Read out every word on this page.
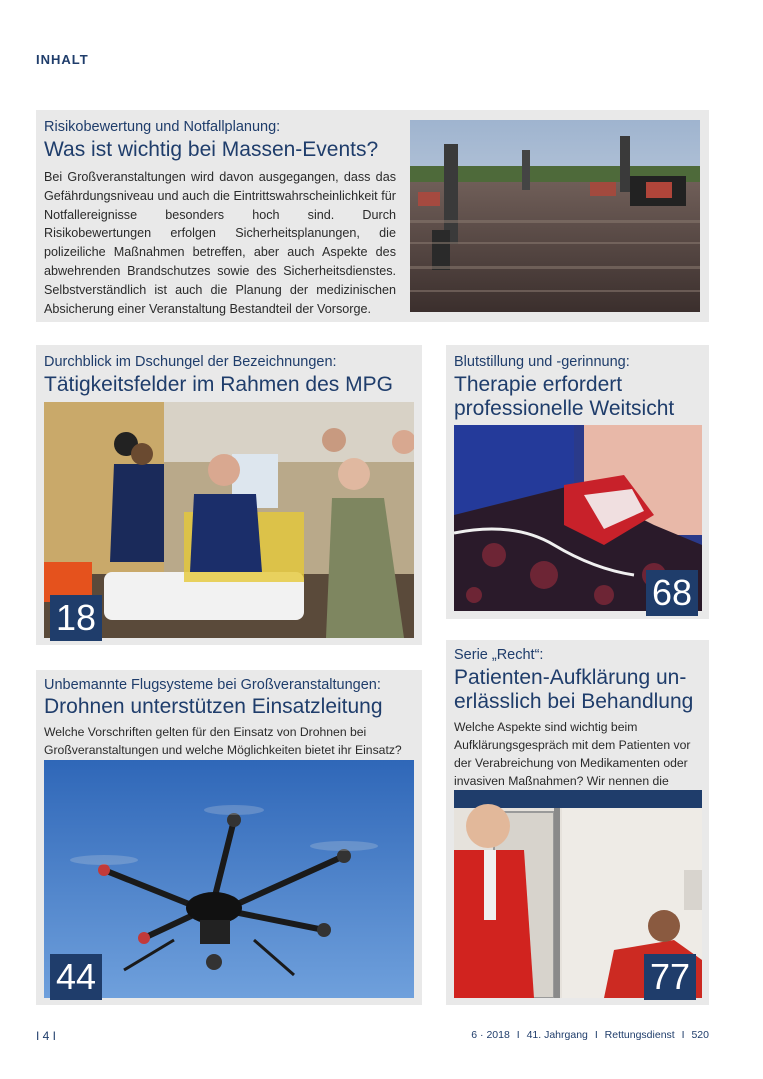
INHALT
Risikobewertung und Notfallplanung:
Was ist wichtig bei Massen-Events?
Bei Großveranstaltungen wird davon ausgegangen, dass das Gefährdungsniveau und auch die Eintrittswahrscheinlichkeit für Notfallereignisse besonders hoch sind. Durch Risikobewertungen erfolgen Sicherheitsplanungen, die polizeiliche Maßnahmen betreffen, aber auch Aspekte des abwehrenden Brandschutzes sowie des Sicherheitsdienstes. Selbstverständlich ist auch die Planung der medizinischen Absicherung einer Veranstaltung Bestandteil der Vorsorge.
Durchblick im Dschungel der Bezeichnungen:
Tätigkeitsfelder im Rahmen des MPG
18
Blutstillung und -gerinnung:
Therapie erfordert
professionelle Weitsicht
68
Unbemannte Flugsysteme bei Großveranstaltungen:
Drohnen unterstützen Einsatzleitung
Welche Vorschriften gelten für den Einsatz von Drohnen bei Großveranstaltungen und welche Möglichkeiten bietet ihr Einsatz?
44
Serie „Recht“:
Patienten-Aufklärung un-
erlässlich bei Behandlung
Welche Aspekte sind wichtig beim Aufklärungsgespräch mit dem Patienten vor der Verabreichung von Medikamenten oder invasiven Maßnahmen? Wir nennen die
77
I 4 I	6 · 2018 I 41. Jahrgang I Rettungsdienst I 520
